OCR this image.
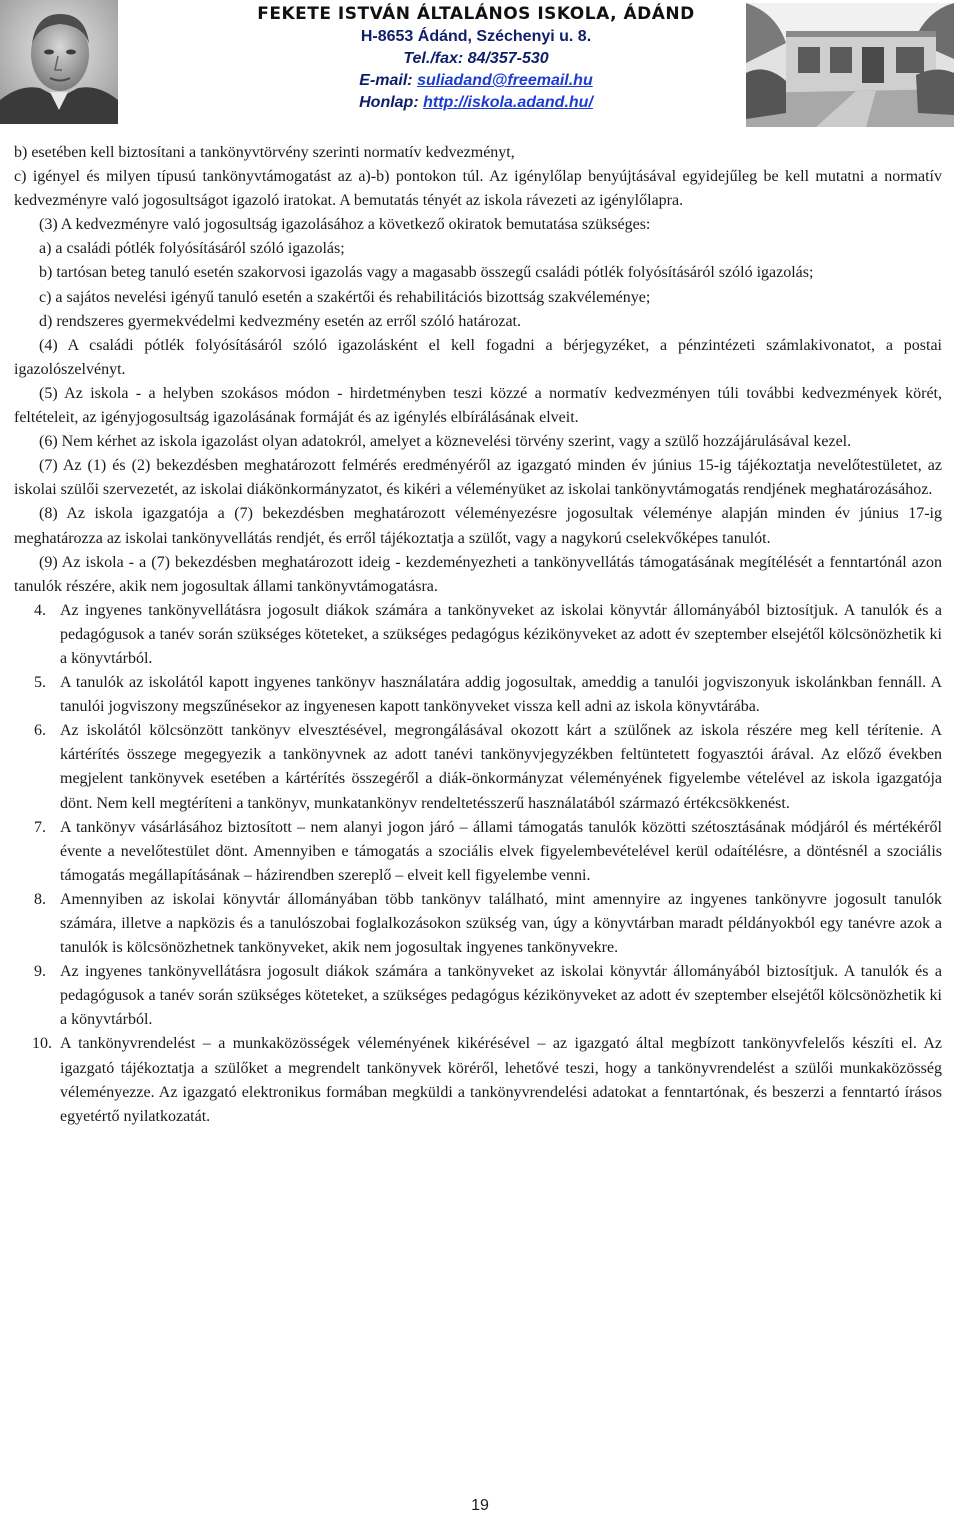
FEKETE ISTVÁN ÁLTALÁNOS ISKOLA, ÁDÁND
H-8653 Ádánd, Széchenyi u. 8.
Tel./fax: 84/357-530
E-mail: suliadand@freemail.hu
Honlap: http://iskola.adand.hu/

b) esetében kell biztosítani a tankönyvtörvény szerinti normatív kedvezményt,

c) igényel és milyen típusú tankönyvtámogatást az a)-b) pontokon túl. Az igénylőlap benyújtásával egyidejűleg be kell mutatni a normatív kedvezményre való jogosultságot igazoló iratokat. A bemutatás tényét az iskola rávezeti az igénylőlapra.

(3) A kedvezményre való jogosultság igazolásához a következő okiratok bemutatása szükséges:

a) a családi pótlék folyósításáról szóló igazolás;

b) tartósan beteg tanuló esetén szakorvosi igazolás vagy a magasabb összegű családi pótlék folyósításáról szóló igazolás;

c) a sajátos nevelési igényű tanuló esetén a szakértői és rehabilitációs bizottság szakvéleménye;

d) rendszeres gyermekvédelmi kedvezmény esetén az erről szóló határozat.

(4) A családi pótlék folyósításáról szóló igazolásként el kell fogadni a bérjegyzéket, a pénzintézeti számlakivonatot, a postai igazolószelvényt.

(5) Az iskola - a helyben szokásos módon - hirdetményben teszi közzé a normatív kedvezményen túli további kedvezmények körét, feltételeit, az igényjogosultság igazolásának formáját és az igénylés elbírálásának elveit.

(6) Nem kérhet az iskola igazolást olyan adatokról, amelyet a köznevelési törvény szerint, vagy a szülő hozzájárulásával kezel.

(7) Az (1) és (2) bekezdésben meghatározott felmérés eredményéről az igazgató minden év június 15-ig tájékoztatja nevelőtestületet, az iskolai szülői szervezetét, az iskolai diákönkormányzatot, és kikéri a véleményüket az iskolai tankönyvtámogatás rendjének meghatározásához.

(8) Az iskola igazgatója a (7) bekezdésben meghatározott véleményezésre jogosultak véleménye alapján minden év június 17-ig meghatározza az iskolai tankönyvellátás rendjét, és erről tájékoztatja a szülőt, vagy a nagykorú cselekvőképes tanulót.

(9) Az iskola - a (7) bekezdésben meghatározott ideig - kezdeményezheti a tankönyvellátás támogatásának megítélését a fenntartónál azon tanulók részére, akik nem jogosultak állami tankönyvtámogatásra.

4. Az ingyenes tankönyvellátásra jogosult diákok számára a tankönyveket az iskolai könyvtár állományából biztosítjuk. A tanulók és a pedagógusok a tanév során szükséges köteteket, a szükséges pedagógus kézikönyveket az adott év szeptember elsejétől kölcsönözhetik ki a könyvtárból.
5. A tanulók az iskolától kapott ingyenes tankönyv használatára addig jogosultak, ameddig a tanulói jogviszonyuk iskolánkban fennáll. A tanulói jogviszony megszűnésekor az ingyenesen kapott tankönyveket vissza kell adni az iskola könyvtárába.
6. Az iskolától kölcsönzött tankönyv elvesztésével, megrongálásával okozott kárt a szülőnek az iskola részére meg kell térítenie. A kártérítés összege megegyezik a tankönyvnek az adott tanévi tankönyvjegyzékben feltüntetett fogyasztói árával. Az előző években megjelent tankönyvek esetében a kártérítés összegéről a diák-önkormányzat véleményének figyelembe vételével az iskola igazgatója dönt. Nem kell megtéríteni a tankönyv, munkatankönyv rendeltetésszerű használatából származó értékcsökkenést.
7. A tankönyv vásárlásához biztosított – nem alanyi jogon járó – állami támogatás tanulók közötti szétosztásának módjáról és mértékéről évente a nevelőtestület dönt. Amennyiben e támogatás a szociális elvek figyelembevételével kerül odaítélésre, a döntésnél a szociális támogatás megállapításának – házirendben szereplő – elveit kell figyelembe venni.
8. Amennyiben az iskolai könyvtár állományában több tankönyv található, mint amennyire az ingyenes tankönyvre jogosult tanulók számára, illetve a napközis és a tanulószobai foglalkozásokon szükség van, úgy a könyvtárban maradt példányokból egy tanévre azok a tanulók is kölcsönözhetnek tankönyveket, akik nem jogosultak ingyenes tankönyvekre.
9. Az ingyenes tankönyvellátásra jogosult diákok számára a tankönyveket az iskolai könyvtár állományából biztosítjuk. A tanulók és a pedagógusok a tanév során szükséges köteteket, a szükséges pedagógus kézikönyveket az adott év szeptember elsejétől kölcsönözhetik ki a könyvtárból.
10. A tankönyvrendelést – a munkaközösségek véleményének kikérésével – az igazgató által megbízott tankönyvfelelős készíti el. Az igazgató tájékoztatja a szülőket a megrendelt tankönyvek köréről, lehetővé teszi, hogy a tankönyvrendelést a szülői munkaközösség véleményezze. Az igazgató elektronikus formában megküldi a tankönyvrendelési adatokat a fenntartónak, és beszerzi a fenntartó írásos egyetértő nyilatkozatát.
19
